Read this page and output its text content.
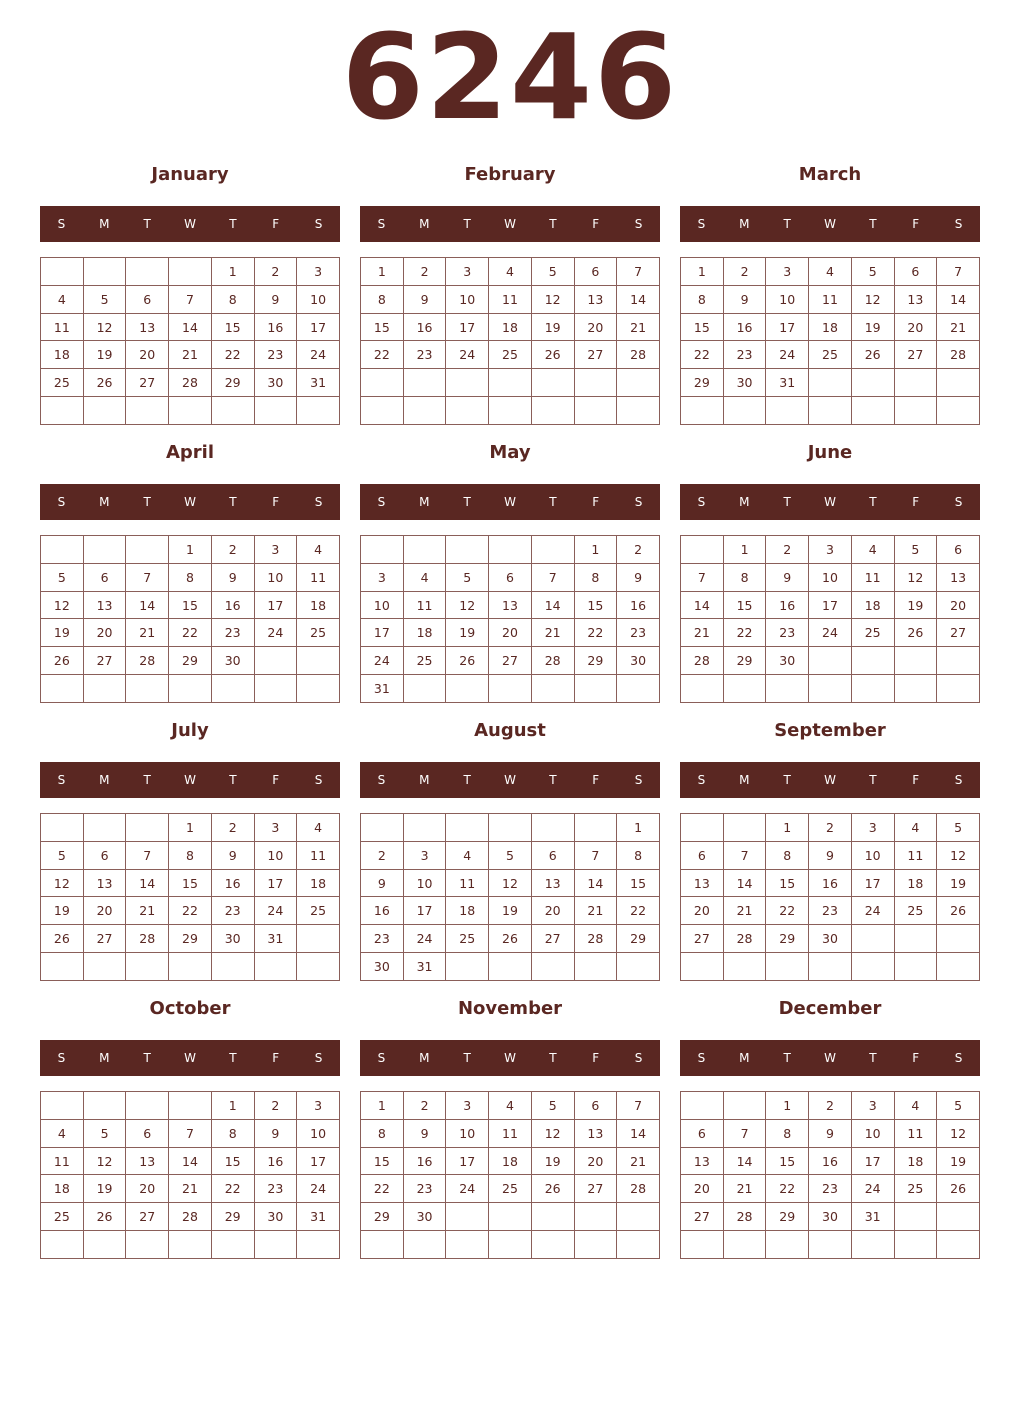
6246
January
S	M	T	W	T	F	S
				1	2	3
4	5	6	7	8	9	10
11	12	13	14	15	16	17
18	19	20	21	22	23	24
25	26	27	28	29	30	31

February
S	M	T	W	T	F	S
1	2	3	4	5	6	7
8	9	10	11	12	13	14
15	16	17	18	19	20	21
22	23	24	25	26	27	28

March
S	M	T	W	T	F	S
1	2	3	4	5	6	7
8	9	10	11	12	13	14
15	16	17	18	19	20	21
22	23	24	25	26	27	28
29	30	31				

April
S	M	T	W	T	F	S
			1	2	3	4
5	6	7	8	9	10	11
12	13	14	15	16	17	18
19	20	21	22	23	24	25
26	27	28	29	30		

May
S	M	T	W	T	F	S
					1	2
3	4	5	6	7	8	9
10	11	12	13	14	15	16
17	18	19	20	21	22	23
24	25	26	27	28	29	30
31						
June
S	M	T	W	T	F	S
	1	2	3	4	5	6
7	8	9	10	11	12	13
14	15	16	17	18	19	20
21	22	23	24	25	26	27
28	29	30				

July
S	M	T	W	T	F	S
			1	2	3	4
5	6	7	8	9	10	11
12	13	14	15	16	17	18
19	20	21	22	23	24	25
26	27	28	29	30	31	

August
S	M	T	W	T	F	S
						1
2	3	4	5	6	7	8
9	10	11	12	13	14	15
16	17	18	19	20	21	22
23	24	25	26	27	28	29
30	31					
September
S	M	T	W	T	F	S
		1	2	3	4	5
6	7	8	9	10	11	12
13	14	15	16	17	18	19
20	21	22	23	24	25	26
27	28	29	30			

October
S	M	T	W	T	F	S
				1	2	3
4	5	6	7	8	9	10
11	12	13	14	15	16	17
18	19	20	21	22	23	24
25	26	27	28	29	30	31

November
S	M	T	W	T	F	S
1	2	3	4	5	6	7
8	9	10	11	12	13	14
15	16	17	18	19	20	21
22	23	24	25	26	27	28
29	30					

December
S	M	T	W	T	F	S
		1	2	3	4	5
6	7	8	9	10	11	12
13	14	15	16	17	18	19
20	21	22	23	24	25	26
27	28	29	30	31		
